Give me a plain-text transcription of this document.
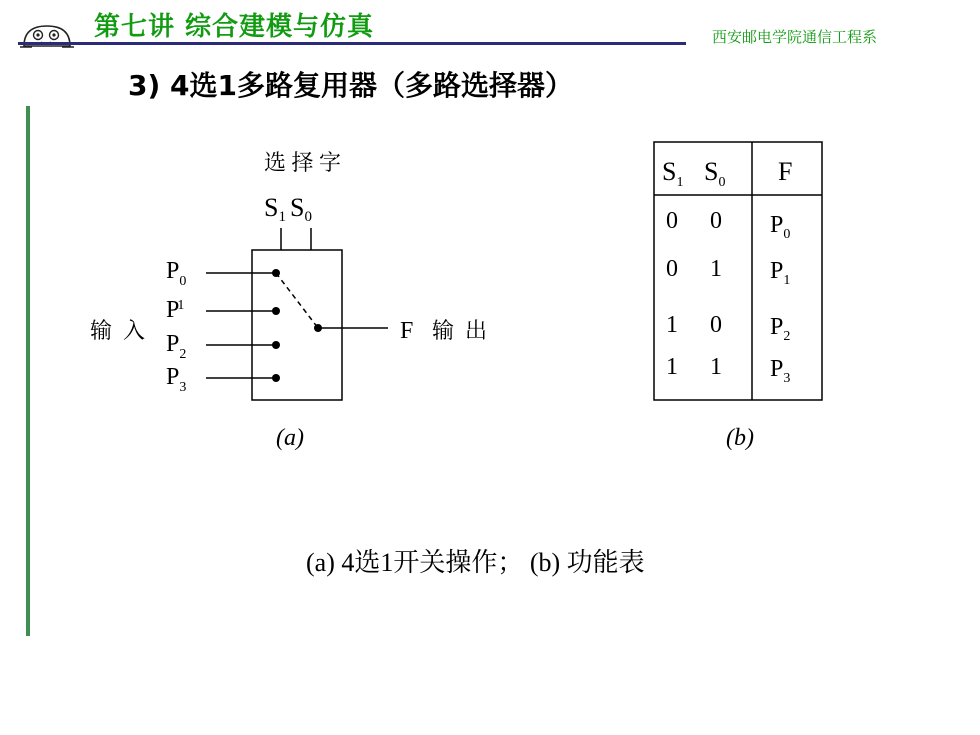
第七讲 综合建模与仿真	西安邮电学院通信工程系
3) 4选1多路复用器（多路选择器）
选 择 字
S1 S0
$P_0$
P1
$P_2$
$P_3$
输  入	F 输  出
(a)
$S_1$ $S_0$ F
0 0 $P_0$
0 1 $P_1$
1 0 $P_2$
1 1 $P_3$
(b)
(a) 4选1开关操作； (b) 功能表
